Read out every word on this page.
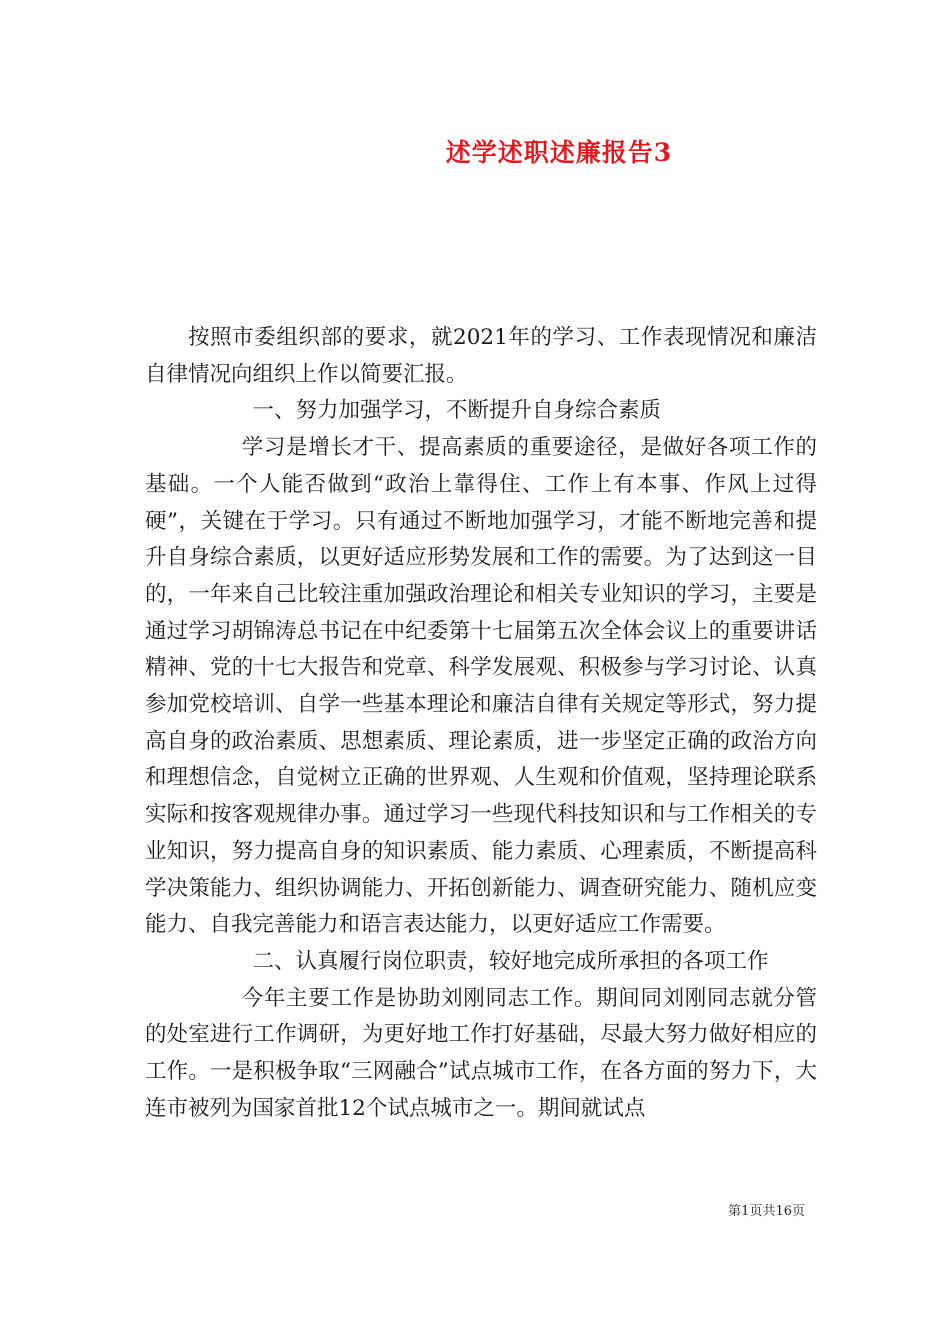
述学述职述廉报告3

按照市委组织部的要求，就2021年的学习、工作表现情况和廉洁自律情况向组织上作以简要汇报。

一、努力加强学习，不断提升自身综合素质

学习是增长才干、提高素质的重要途径，是做好各项工作的基础。一个人能否做到“政治上靠得住、工作上有本事、作风上过得硬”，关键在于学习。只有通过不断地加强学习，才能不断地完善和提升自身综合素质，以更好适应形势发展和工作的需要。为了达到这一目的，一年来自己比较注重加强政治理论和相关专业知识的学习，主要是通过学习胡锦涛总书记在中纪委第十七届第五次全体会议上的重要讲话精神、党的十七大报告和党章、科学发展观、积极参与学习讨论、认真参加党校培训、自学一些基本理论和廉洁自律有关规定等形式，努力提高自身的政治素质、思想素质、理论素质，进一步坚定正确的政治方向和理想信念，自觉树立正确的世界观、人生观和价值观，坚持理论联系实际和按客观规律办事。通过学习一些现代科技知识和与工作相关的专业知识，努力提高自身的知识素质、能力素质、心理素质，不断提高科学决策能力、组织协调能力、开拓创新能力、调查研究能力、随机应变能力、自我完善能力和语言表达能力，以更好适应工作需要。

二、认真履行岗位职责，较好地完成所承担的各项工作

今年主要工作是协助刘刚同志工作。期间同刘刚同志就分管的处室进行工作调研，为更好地工作打好基础，尽最大努力做好相应的工作。一是积极争取“三网融合”试点城市工作，在各方面的努力下，大连市被列为国家首批12个试点城市之一。期间就试点

第1页共16页
